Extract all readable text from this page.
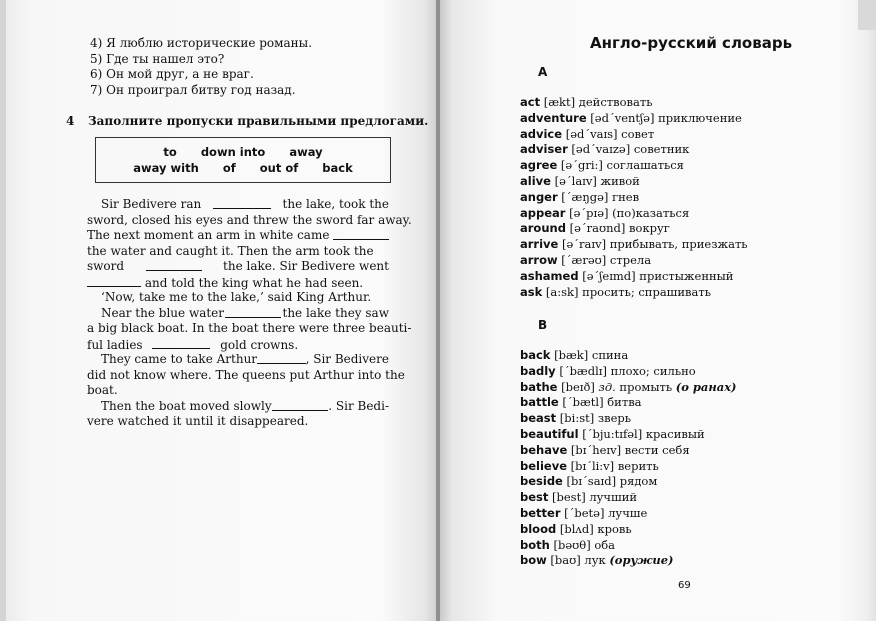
4) Я люблю исторические романы.
5) Где ты нашел это?
6) Он мой друг, а не враг.
7) Он проиграл битву год назад.
4 Заполните пропуски правильными предлогами.
to down into away
away with of out of back
Sir Bedivere ran	the lake, took the
sword, closed his eyes and threw the sword far away.
The next moment an arm in white came
the water and caught it. Then the arm took the
sword	the lake. Sir Bedivere went
and told the king what he had seen.
‘Now, take me to the lake,’ said King Arthur.
Near the blue water	the lake they saw
a big black boat. In the boat there were three beauti-
ful ladies	gold crowns.
They came to take Arthur	, Sir Bedivere
did not know where. The queens put Arthur into the
boat.
Then the boat moved slowly	. Sir Bedi-
vere watched it until it disappeared.
Англо-русский словарь
A
act [ækt] действовать
adventure [əd΄ventʃə] приключение
advice [əd΄vaɪs] совет
adviser [əd΄vaɪzə] советник
agree [ə΄gri:] соглашаться
alive [ə΄laɪv] живой
anger [΄æŋgə] гнев
appear [ə΄pɪə] (по)казаться
around [ə΄raʊnd] вокруг
arrive [ə΄raɪv] прибывать, приезжать
arrow [΄ærəʊ] стрела
ashamed [ə΄ʃeɪmd] пристыженный
ask [a:sk] просить; спрашивать
B
back [bæk] спина
badly [΄bædlɪ] плохо; сильно
bathe [beɪð] зд. промыть (о ранах)
battle [΄bætl] битва
beast [bi:st] зверь
beautiful [΄bju:tɪfəl] красивый
behave [bɪ΄heɪv] вести себя
believe [bɪ΄li:v] верить
beside [bɪ΄saɪd] рядом
best [best] лучший
better [΄betə] лучше
blood [blʌd] кровь
both [bəʊθ] оба
bow [baʊ] лук (оружие)
69
